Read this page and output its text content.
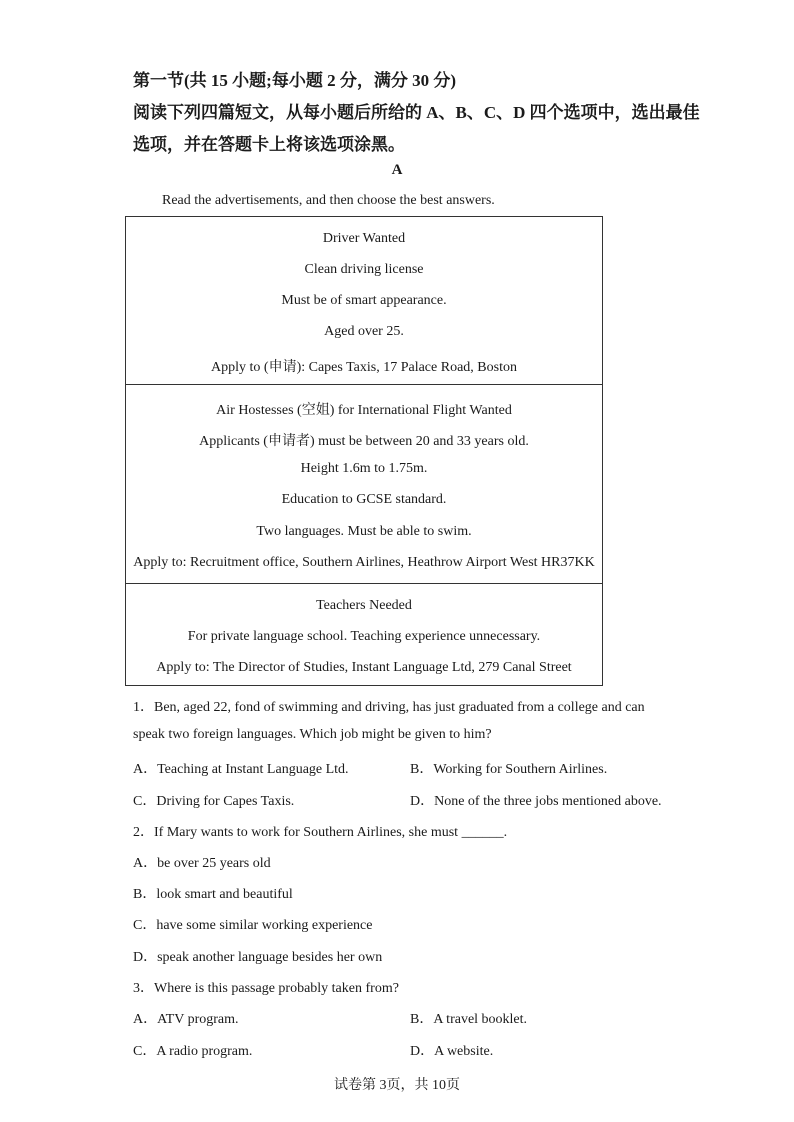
第一节(共 15 小题;每小题 2 分，满分 30 分)
阅读下列四篇短文，从每小题后所给的 A、B、C、D 四个选项中，选出最佳
选项，并在答题卡上将该选项涂黑。
A
Read the advertisements, and then choose the best answers.
Driver Wanted
Clean driving license
Must be of smart appearance.
Aged over 25.
Apply to (申请): Capes Taxis, 17 Palace Road, Boston
Air Hostesses (空姐) for International Flight Wanted
Applicants (申请者) must be between 20 and 33 years old.
Height 1.6m to 1.75m.
Education to GCSE standard.
Two languages. Must be able to swim.
Apply to: Recruitment office, Southern Airlines, Heathrow Airport West HR37KK
Teachers Needed
For private language school. Teaching experience unnecessary.
Apply to: The Director of Studies, Instant Language Ltd, 279 Canal Street
1．Ben, aged 22, fond of swimming and driving, has just graduated from a college and can
speak two foreign languages. Which job might be given to him?
A．Teaching at Instant Language Ltd.	B．Working for Southern Airlines.
C．Driving for Capes Taxis.	D．None of the three jobs mentioned above.
2．If Mary wants to work for Southern Airlines, she must ______.
A．be over 25 years old
B．look smart and beautiful
C．have some similar working experience
D．speak another language besides her own
3．Where is this passage probably taken from?
A．ATV program.	B．A travel booklet.
C．A radio program.	D．A website.
试卷第 3页，共 10页
